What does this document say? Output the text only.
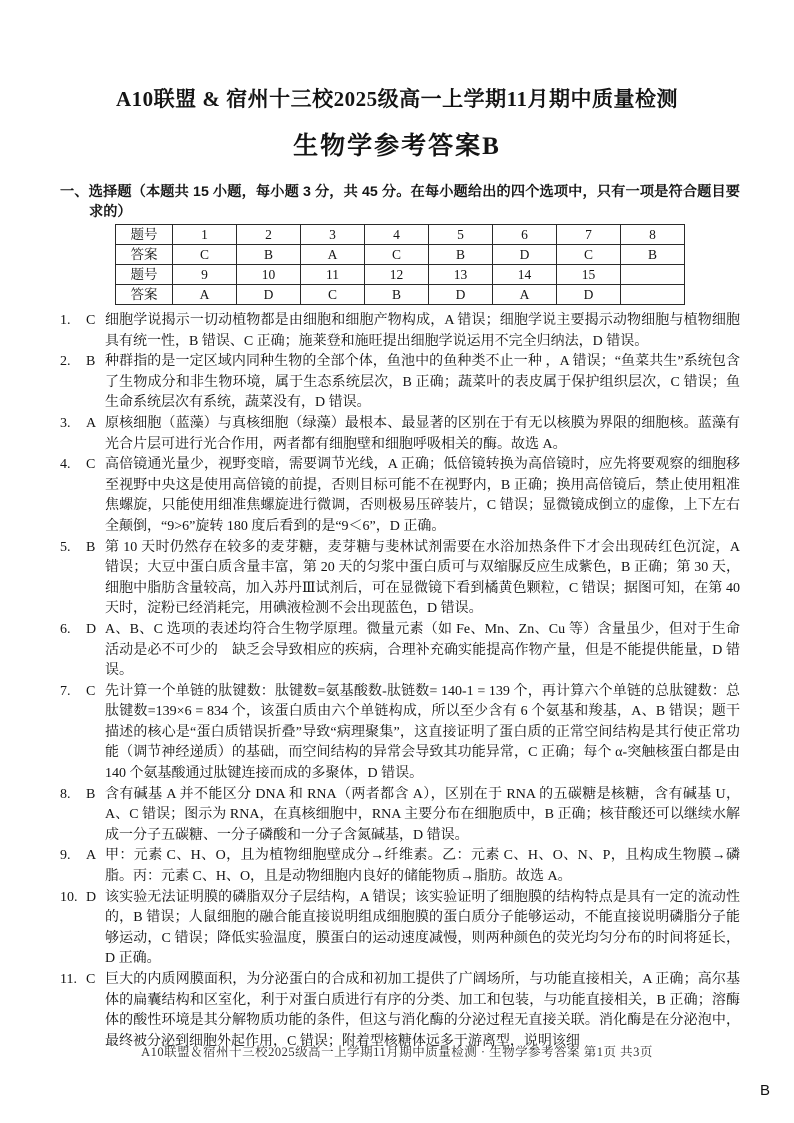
A10联盟 & 宿州十三校2025级高一上学期11月期中质量检测
生物学参考答案B
一、选择题（本题共 15 小题，每小题 3 分，共 45 分。在每小题给出的四个选项中，只有一项是符合题目要求的）
题号	1	2	3	4	5	6	7	8
答案	C	B	A	C	B	D	C	B
题号	9	10	11	12	13	14	15	
答案	A	D	C	B	D	A	D	
1.	C 细胞学说揭示一切动植物都是由细胞和细胞产物构成，A 错误；细胞学说主要揭示动物细胞与植物细胞具有统一性，B 错误、C 正确；施莱登和施旺提出细胞学说运用不完全归纳法，D 错误。
2.	B 种群指的是一定区域内同种生物的全部个体，鱼池中的鱼种类不止一种 ，A 错误；“鱼菜共生”系统包含了生物成分和非生物环境，属于生态系统层次，B 正确；蔬菜叶的表皮属于保护组织层次，C 错误；鱼生命系统层次有系统，蔬菜没有，D 错误。
3.	A 原核细胞（蓝藻）与真核细胞（绿藻）最根本、最显著的区别在于有无以核膜为界限的细胞核。蓝藻有光合片层可进行光合作用，两者都有细胞壁和细胞呼吸相关的酶。故选 A。
4.	C 高倍镜通光量少，视野变暗，需要调节光线，A 正确；低倍镜转换为高倍镜时，应先将要观察的细胞移至视野中央这是使用高倍镜的前提，否则目标可能不在视野内，B 正确；换用高倍镜后，禁止使用粗准焦螺旋，只能使用细准焦螺旋进行微调，否则极易压碎装片，C 错误；显微镜成倒立的虚像，上下左右全颠倒，“9>6”旋转 180 度后看到的是“9＜6”，D 正确。
5.	B 第 10 天时仍然存在较多的麦芽糖，麦芽糖与斐林试剂需要在水浴加热条件下才会出现砖红色沉淀，A 错误；大豆中蛋白质含量丰富，第 20 天的匀浆中蛋白质可与双缩脲反应生成紫色，B 正确；第 30 天，细胞中脂肪含量较高，加入苏丹Ⅲ试剂后，可在显微镜下看到橘黄色颗粒，C 错误；据图可知，在第 40 天时，淀粉已经消耗完，用碘液检测不会出现蓝色，D 错误。
6.	D A、B、C 选项的表述均符合生物学原理。微量元素（如 Fe、Mn、Zn、Cu 等）含量虽少，但对于生命活动是必不可少的　缺乏会导致相应的疾病，合理补充确实能提高作物产量，但是不能提供能量，D 错误。
7.	C 先计算一个单链的肽键数：肽键数=氨基酸数-肽链数= 140-1 = 139 个，再计算六个单链的总肽键数：总肽键数=139×6 = 834 个，该蛋白质由六个单链构成，所以至少含有 6 个氨基和羧基，A、B 错误；题干描述的核心是“蛋白质错误折叠”导致“病理聚集”，这直接证明了蛋白质的正常空间结构是其行使正常功能（调节神经递质）的基础，而空间结构的异常会导致其功能异常，C 正确；每个 α-突触核蛋白都是由 140 个氨基酸通过肽键连接而成的多聚体，D 错误。
8.	B 含有碱基 A 并不能区分 DNA 和 RNA（两者都含 A），区别在于 RNA 的五碳糖是核糖，含有碱基 U，A、C 错误；图示为 RNA，在真核细胞中，RNA 主要分布在细胞质中，B 正确；核苷酸还可以继续水解成一分子五碳糖、一分子磷酸和一分子含氮碱基，D 错误。
9.	A 甲：元素 C、H、O，且为植物细胞壁成分→纤维素。乙：元素 C、H、O、N、P，且构成生物膜→磷脂。丙：元素 C、H、O，且是动物细胞内良好的储能物质→脂肪。故选 A。
10. D 该实验无法证明膜的磷脂双分子层结构，A 错误；该实验证明了细胞膜的结构特点是具有一定的流动性的，B 错误；人鼠细胞的融合能直接说明组成细胞膜的蛋白质分子能够运动，不能直接说明磷脂分子能够运动，C 错误；降低实验温度，膜蛋白的运动速度减慢，则两种颜色的荧光均匀分布的时间将延长，D 正确。
11. C 巨大的内质网膜面积，为分泌蛋白的合成和初加工提供了广阔场所，与功能直接相关，A 正确；高尔基体的扁囊结构和区室化，利于对蛋白质进行有序的分类、加工和包装，与功能直接相关，B 正确；溶酶体的酸性环境是其分解物质功能的条件，但这与消化酶的分泌过程无直接关联。消化酶是在分泌泡中，最终被分泌到细胞外起作用，C 错误；附着型核糖体远多于游离型，说明该细
A10联盟＆宿州十三校2025级高一上学期11月期中质量检测 · 生物学参考答案 第1页 共3页
B
